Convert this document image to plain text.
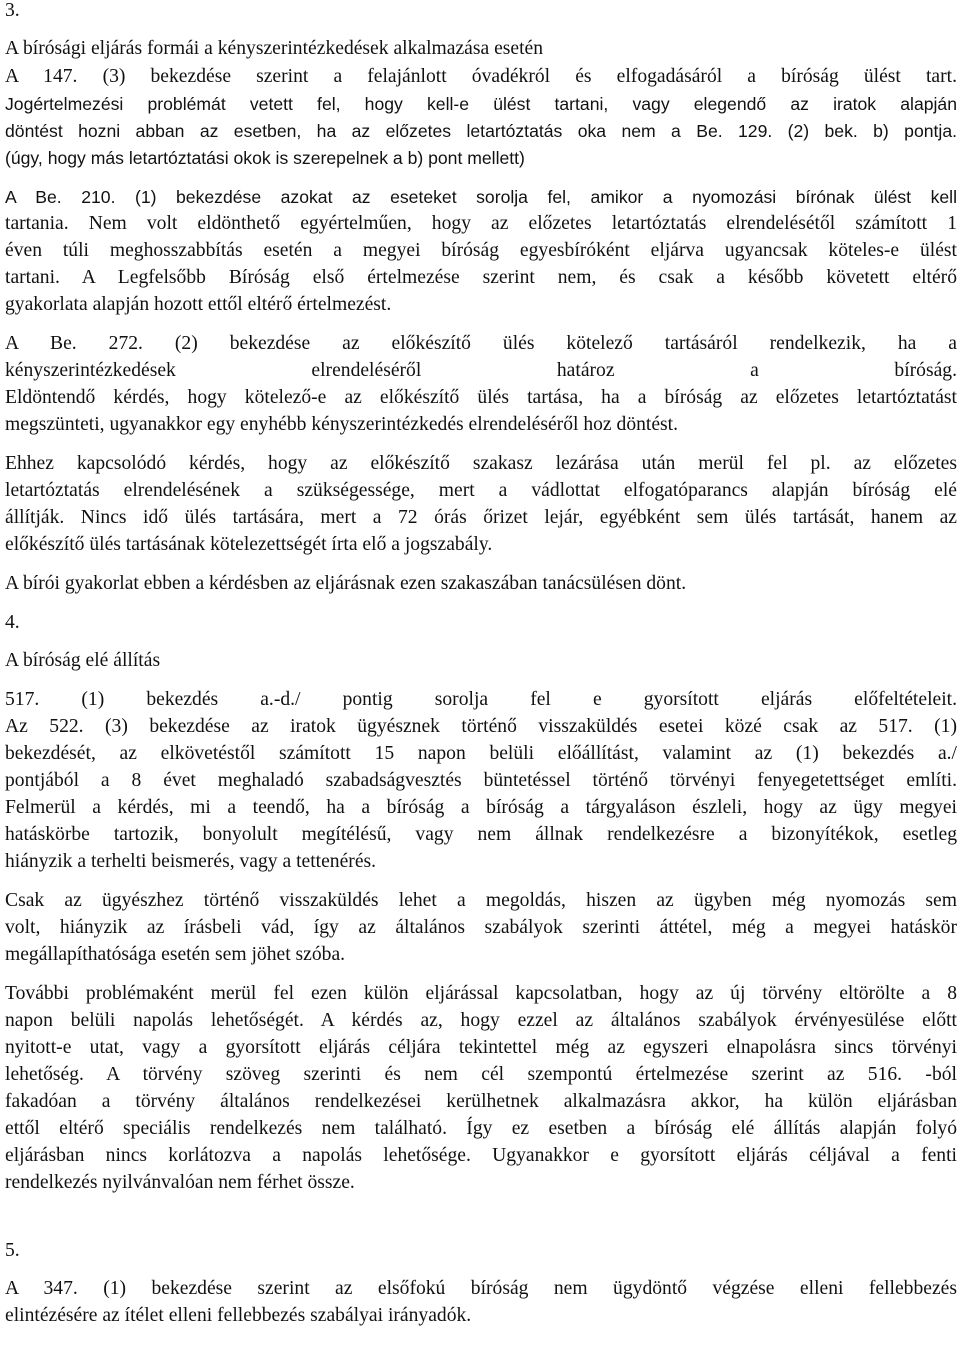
3.
A bírósági eljárás formái a kényszerintézkedések alkalmazása esetén
A 147. (3) bekezdése szerint a felajánlott óvadékról és elfogadásáról a bíróság ülést tart.
Jogértelmezési problémát vetett fel, hogy kell-e ülést tartani, vagy elegendő az iratok alapján
döntést hozni abban az esetben, ha az előzetes letartóztatás oka nem a Be. 129. (2) bek. b) pontja.
(úgy, hogy más letartóztatási okok is szerepelnek a b) pont mellett)
A Be. 210. (1) bekezdése azokat az eseteket sorolja fel, amikor a nyomozási bírónak ülést kell
tartania. Nem volt eldönthető egyértelműen, hogy az előzetes letartóztatás elrendelésétől számított 1
éven túli meghosszabbítás esetén a megyei bíróság egyesbíróként eljárva ugyancsak köteles-e ülést
tartani. A Legfelsőbb Bíróság első értelmezése szerint nem, és csak a később követett eltérő
gyakorlata alapján hozott ettől eltérő értelmezést.
A Be. 272. (2) bekezdése az előkészítő ülés kötelező tartásáról rendelkezik, ha a
kényszerintézkedések elrendeléséről határoz a bíróság.
Eldöntendő kérdés, hogy kötelező-e az előkészítő ülés tartása, ha a bíróság az előzetes letartóztatást
megszünteti, ugyanakkor egy enyhébb kényszerintézkedés elrendeléséről hoz döntést.
Ehhez kapcsolódó kérdés, hogy az előkészítő szakasz lezárása után merül fel pl. az előzetes
letartóztatás elrendelésének a szükségessége, mert a vádlottat elfogatóparancs alapján bíróság elé
állítják. Nincs idő ülés tartására, mert a 72 órás őrizet lejár, egyébként sem ülés tartását, hanem az
előkészítő ülés tartásának kötelezettségét írta elő a jogszabály.
A bírói gyakorlat ebben a kérdésben az eljárásnak ezen szakaszában tanácsülésen dönt.
4.
A bíróság elé állítás
517. (1) bekezdés a.-d./ pontig sorolja fel e gyorsított eljárás előfeltételeit.
Az 522. (3) bekezdése az iratok ügyésznek történő visszaküldés esetei közé csak az 517. (1)
bekezdését, az elkövetéstől számított 15 napon belüli előállítást, valamint az (1) bekezdés a./
pontjából a 8 évet meghaladó szabadságvesztés büntetéssel történő törvényi fenyegetettséget említi.
Felmerül a kérdés, mi a teendő, ha a bíróság a bíróság a tárgyaláson észleli, hogy az ügy megyei
hatáskörbe tartozik, bonyolult megítélésű, vagy nem állnak rendelkezésre a bizonyítékok, esetleg
hiányzik a terhelti beismerés, vagy a tettenérés.
Csak az ügyészhez történő visszaküldés lehet a megoldás, hiszen az ügyben még nyomozás sem
volt, hiányzik az írásbeli vád, így az általános szabályok szerinti áttétel, még a megyei hatáskör
megállapíthatósága esetén sem jöhet szóba.
További problémaként merül fel ezen külön eljárással kapcsolatban, hogy az új törvény eltörölte a 8
napon belüli napolás lehetőségét. A kérdés az, hogy ezzel az általános szabályok érvényesülése előtt
nyitott-e utat, vagy a gyorsított eljárás céljára tekintettel még az egyszeri elnapolásra sincs törvényi
lehetőség. A törvény szöveg szerinti és nem cél szempontú értelmezése szerint az 516. -ból
fakadóan a törvény általános rendelkezései kerülhetnek alkalmazásra akkor, ha külön eljárásban
ettől eltérő speciális rendelkezés nem található. Így ez esetben a bíróság elé állítás alapján folyó
eljárásban nincs korlátozva a napolás lehetősége. Ugyanakkor e gyorsított eljárás céljával a fenti
rendelkezés nyilvánvalóan nem férhet össze.
5.
A 347. (1) bekezdése szerint az elsőfokú bíróság nem ügydöntő végzése elleni fellebbezés
elintézésére az ítélet elleni fellebbezés szabályai irányadók.
